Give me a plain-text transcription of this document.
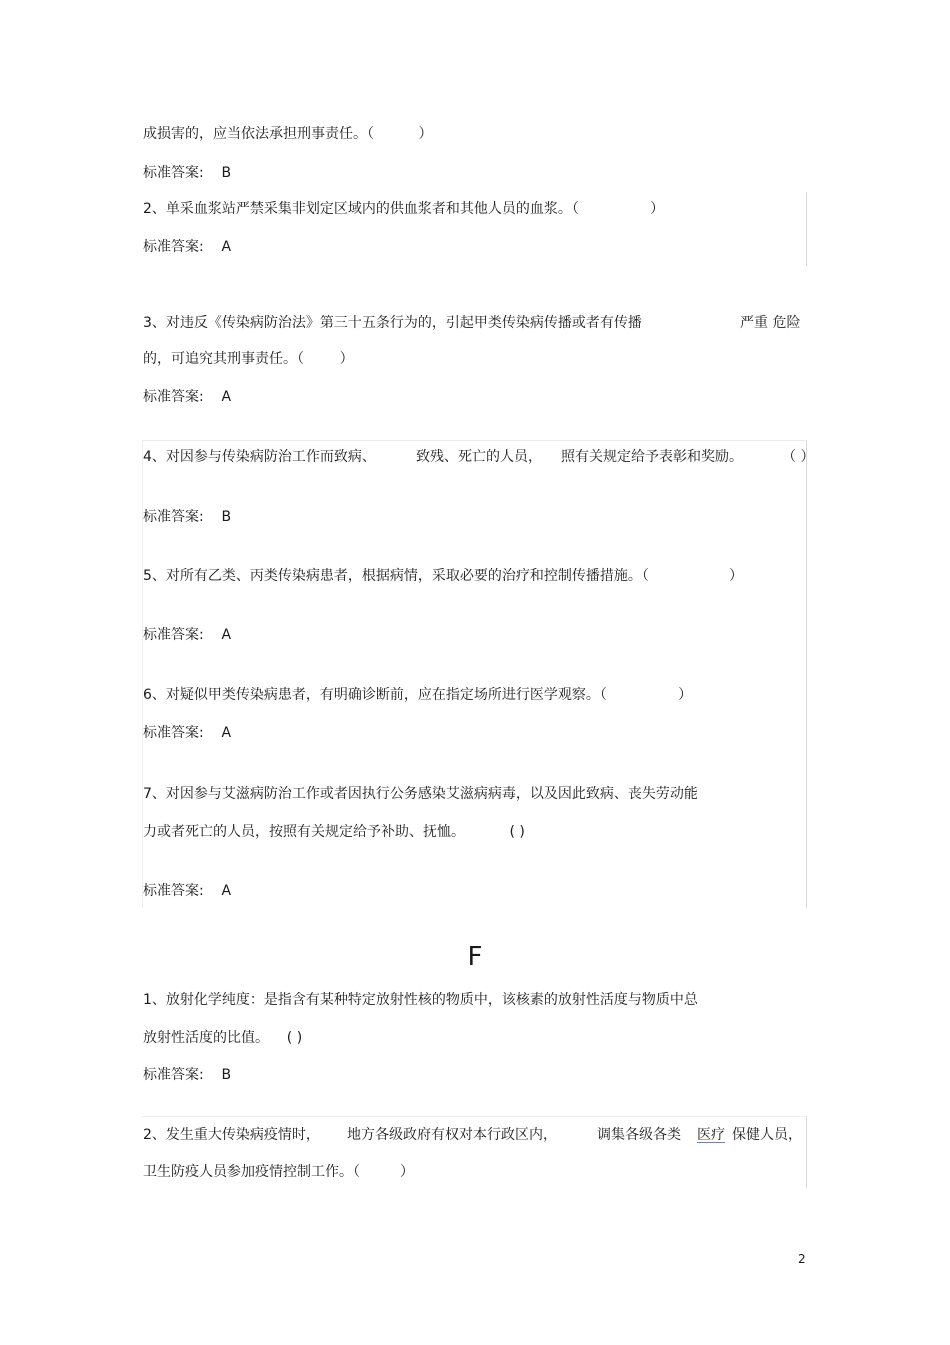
成损害的，应当依法承担刑事责任。（          ）
标准答案:    B
2、单采血浆站严禁采集非划定区域内的供血浆者和其他人员的血浆。（                ）
标准答案:    A
3、对违反《传染病防治法》第三十五条行为的，引起甲类传染病传播或者有传播	严重 危险
的，可追究其刑事责任。（        ）
标准答案:    A
4、对因参与传染病防治工作而致病、	致残、死亡的人员， 照有关规定给予表彰和奖励。	（ ）
标准答案:    B
5、对所有乙类、丙类传染病患者，根据病情，采取必要的治疗和控制传播措施。（                  ）
标准答案:    A
6、对疑似甲类传染病患者，有明确诊断前，应在指定场所进行医学观察。（                ）
标准答案:    A
7、对因参与艾滋病防治工作或者因执行公务感染艾滋病病毒，以及因此致病、丧失劳动能
力或者死亡的人员，按照有关规定给予补助、抚恤。          ( )
标准答案:    A
F
1、放射化学纯度：是指含有某种特定放射性核的物质中，该核素的放射性活度与物质中总
放射性活度的比值。    ( )
标准答案:    B
2、发生重大传染病疫情时， 地方各级政府有权对本行政区内，	调集各级各类 医疗 保健人员，
卫生防疫人员参加疫情控制工作。（         ）
2
